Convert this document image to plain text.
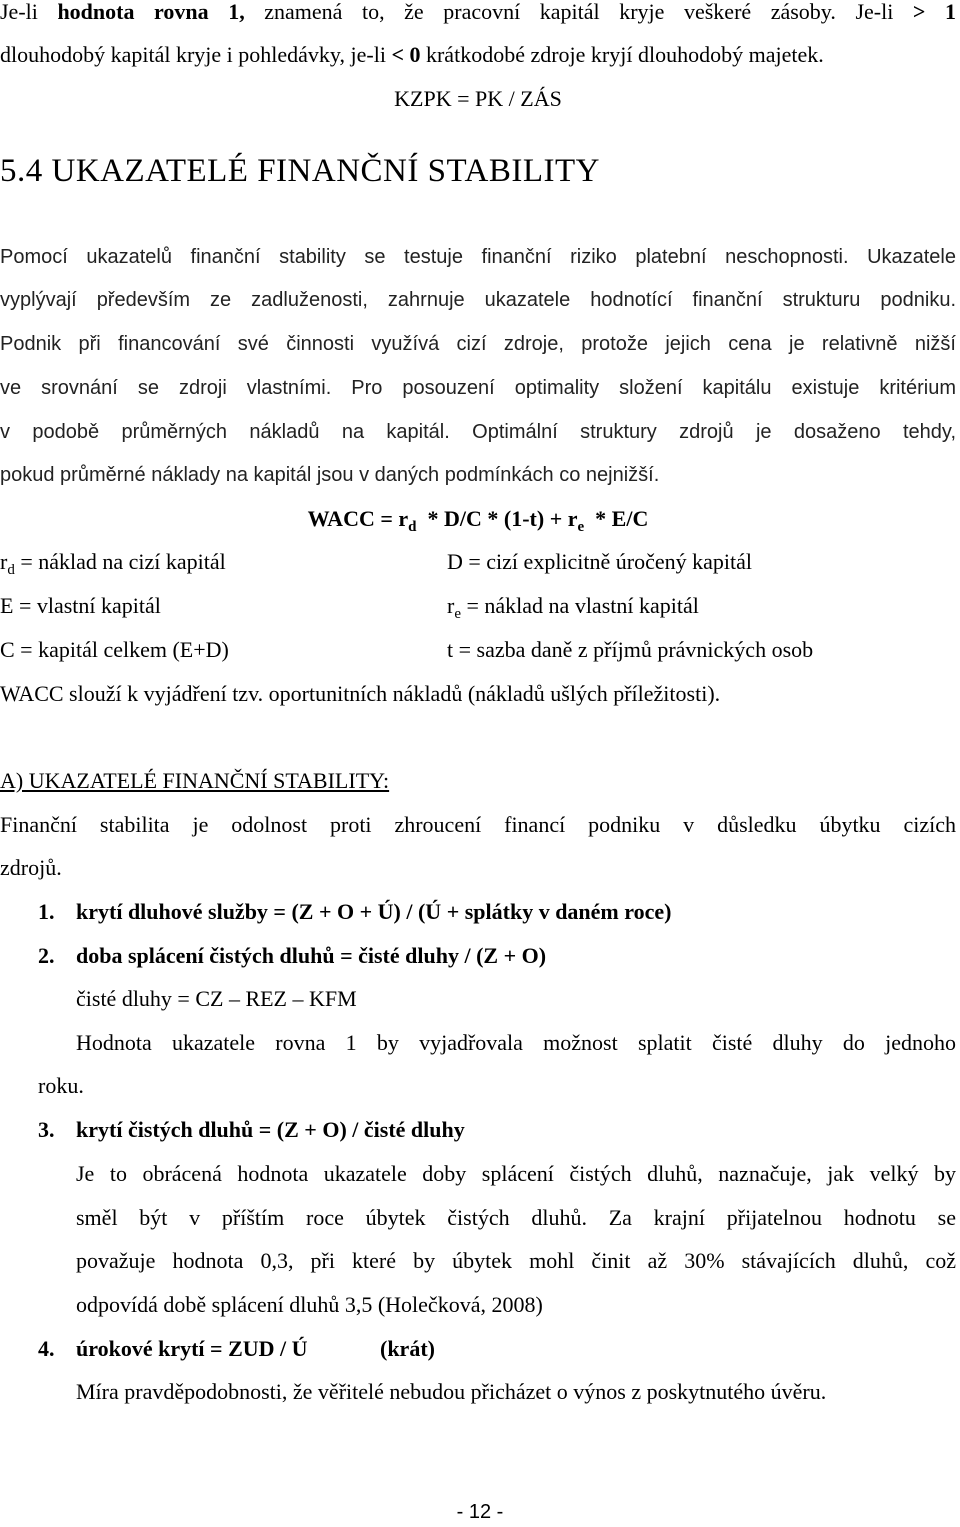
Je-li hodnota rovna 1, znamená to, že pracovní kapitál kryje veškeré zásoby. Je-li > 1
dlouhodobý kapitál kryje i pohledávky, je-li < 0 krátkodobé zdroje kryjí dlouhodobý majetek.
KZPK = PK / ZÁS
5.4 UKAZATELÉ FINANČNÍ STABILITY
Pomocí ukazatelů finanční stability se testuje finanční riziko platební neschopnosti. Ukazatele
vyplývají především ze zadluženosti, zahrnuje ukazatele hodnotící finanční strukturu podniku.
Podnik při financování své činnosti využívá cizí zdroje, protože jejich cena je relativně nižší
ve srovnání se zdroji vlastními. Pro posouzení optimality složení kapitálu existuje kritérium
v podobě průměrných nákladů na kapitál. Optimální struktury zdrojů je dosaženo tehdy,
pokud průměrné náklady na kapitál jsou v daných podmínkách co nejnižší.
WACC = $r_d * D/C * (1-t) + r_e * E/C$
$r_d$ = náklad na cizí kapitál	D = cizí explicitně úročený kapitál
E = vlastní kapitál	$r_e$ = náklad na vlastní kapitál
C = kapitál celkem (E+D)	t = sazba daně z příjmů právnických osob
WACC slouží k vyjádření tzv. oportunitních nákladů (nákladů ušlých příležitosti).
A) UKAZATELÉ FINANČNÍ STABILITY:
Finanční stabilita je odolnost proti zhroucení financí podniku v důsledku úbytku cizích
zdrojů.
1. krytí dluhové služby = (Z + O + Ú) / (Ú + splátky v daném roce)
2. doba splácení čistých dluhů = čisté dluhy / (Z + O)
čisté dluhy = CZ – REZ – KFM
Hodnota ukazatele rovna 1 by vyjadřovala možnost splatit čisté dluhy do jednoho
roku.
3. krytí čistých dluhů = (Z + O) / čisté dluhy
Je to obrácená hodnota ukazatele doby splácení čistých dluhů, naznačuje, jak velký by
směl být v příštím roce úbytek čistých dluhů. Za krajní přijatelnou hodnotu se
považuje hodnota 0,3, při které by úbytek mohl činit až 30% stávajících dluhů, což
odpovídá době splácení dluhů 3,5 (Holečková, 2008)
4. úrokové krytí = ZUD / Ú	(krát)
Míra pravděpodobnosti, že věřitelé nebudou přicházet o výnos z poskytnutého úvěru.
- 12 -
